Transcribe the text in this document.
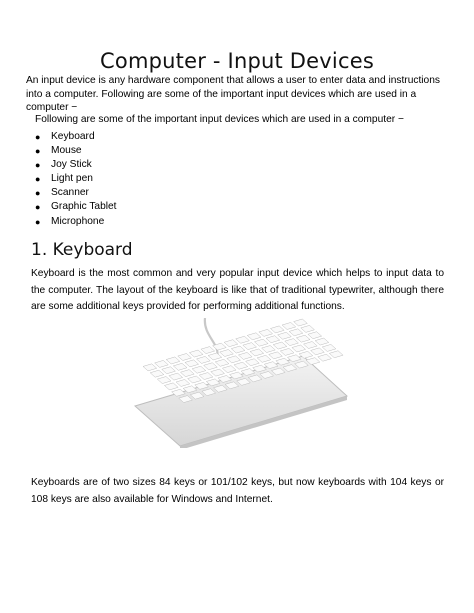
Computer - Input Devices

An input device is any hardware component that allows a user to enter data and instructions into a computer. Following are some of the important input devices which are used in a computer −

Following are some of the important input devices which are used in a computer −

● Keyboard
● Mouse
● Joy Stick
● Light pen
● Scanner
● Graphic Tablet
● Microphone
1. Keyboard

Keyboard is the most common and very popular input device which helps to input data to the computer. The layout of the keyboard is like that of traditional typewriter, although there are some additional keys provided for performing additional functions.

Keyboards are of two sizes 84 keys or 101/102 keys, but now keyboards with 104 keys or 108 keys are also available for Windows and Internet.
